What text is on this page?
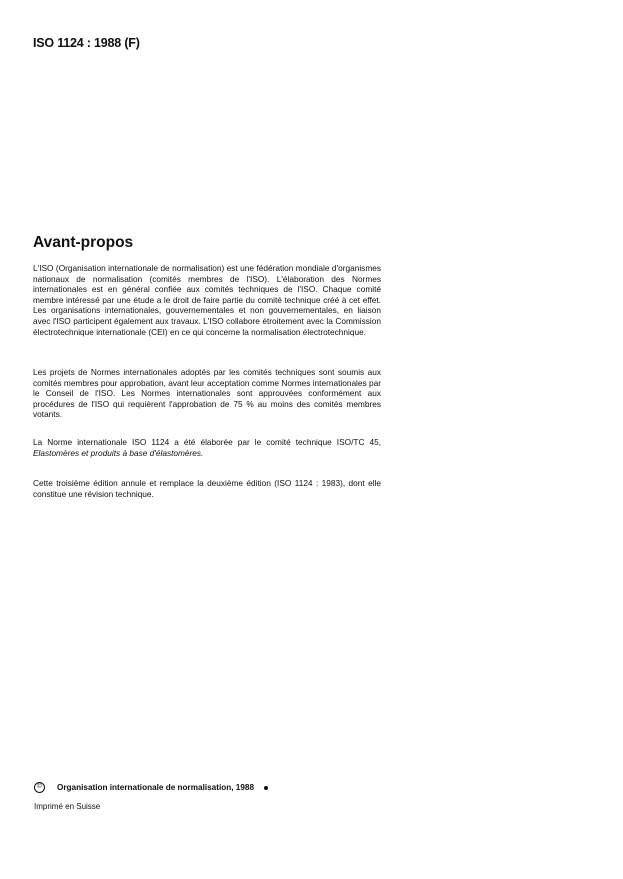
ISO 1124 : 1988 (F)
Avant-propos
L'ISO (Organisation internationale de normalisation) est une fédération mondiale d'organismes nationaux de normalisation (comités membres de l'ISO). L'élaboration des Normes internationales est en général confiée aux comités techniques de l'ISO. Chaque comité membre intéressé par une étude a le droit de faire partie du comité technique créé à cet effet. Les organisations internationales, gouvernementales et non gouvernementales, en liaison avec l'ISO participent également aux travaux. L'ISO collabore étroitement avec la Commission électrotechnique internationale (CEI) en ce qui concerne la normalisation électrotechnique.
Les projets de Normes internationales adoptés par les comités techniques sont soumis aux comités membres pour approbation, avant leur acceptation comme Normes internationales par le Conseil de l'ISO. Les Normes internationales sont approuvées conformément aux procédures de l'ISO qui requièrent l'approbation de 75 % au moins des comités membres votants.
La Norme internationale ISO 1124 a été élaborée par le comité technique ISO/TC 45, Elastomères et produits à base d'élastomères.
Cette troisième édition annule et remplace la deuxième édition (ISO 1124 : 1983), dont elle constitue une révision technique.
©	Organisation internationale de normalisation, 1988
Imprimé en Suisse
